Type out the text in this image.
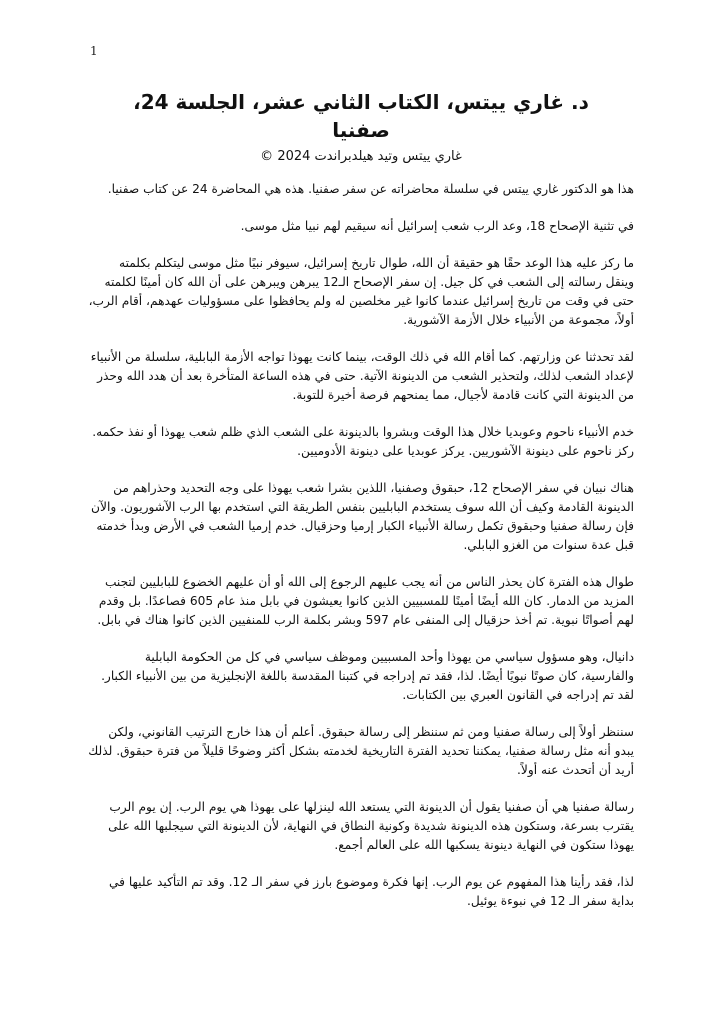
1
د. غاري ييتس، الكتاب الثاني عشر، الجلسة 24،
صفنيا
غاري ييتس وتيد هيلدبراندت 2024 ©

هذا هو الدكتور غاري ييتس في سلسلة محاضراته عن سفر صفنيا. هذه هي المحاضرة 24 عن كتاب صفنيا.

في تثنية الإصحاح 18، وعد الرب شعب إسرائيل أنه سيقيم لهم نبيا مثل موسى.

ما ركز عليه هذا الوعد حقًا هو حقيقة أن الله، طوال تاريخ إسرائيل، سيوفر نبيًا مثل موسى ليتكلم بكلمته وينقل رسالته إلى الشعب في كل جيل. إن سفر الإصحاح الـ12 يبرهن ويبرهن على أن الله كان أمينًا لكلمته حتى في وقت من تاريخ إسرائيل عندما كانوا غير مخلصين له ولم يحافظوا على مسؤوليات عهدهم، أقام الرب، أولاً، مجموعة من الأنبياء خلال الأزمة الآشورية.

لقد تحدثنا عن وزارتهم. كما أقام الله في ذلك الوقت، بينما كانت يهوذا تواجه الأزمة البابلية، سلسلة من الأنبياء لإعداد الشعب لذلك، ولتحذير الشعب من الدينونة الآتية. حتى في هذه الساعة المتأخرة بعد أن هدد الله وحذر من الدينونة التي كانت قادمة لأجيال، مما يمنحهم فرصة أخيرة للتوبة.

خدم الأنبياء ناحوم وعوبديا خلال هذا الوقت وبشروا بالدينونة على الشعب الذي ظلم شعب يهوذا أو نفذ حكمه. ركز ناحوم على دينونة الآشوريين. يركز عوبديا على دينونة الأدوميين.

هناك نبيان في سفر الإصحاح 12، حبقوق وصفنيا، اللذين بشرا شعب يهوذا على وجه التحديد وحذراهم من الدينونة القادمة وكيف أن الله سوف يستخدم البابليين بنفس الطريقة التي استخدم بها الرب الآشوريون. والآن فإن رسالة صفنيا وحبقوق تكمل رسالة الأنبياء الكبار إرميا وحزقيال. خدم إرميا الشعب في الأرض وبدأ خدمته قبل عدة سنوات من الغزو البابلي.

طوال هذه الفترة كان يحذر الناس من أنه يجب عليهم الرجوع إلى الله أو أن عليهم الخضوع للبابليين لتجنب المزيد من الدمار. كان الله أيضًا أمينًا للمسبيين الذين كانوا يعيشون في بابل منذ عام 605 فصاعدًا. بل وقدم لهم أصواتًا نبوية. تم أخذ حزقيال إلى المنفى عام 597 وبشر بكلمة الرب للمنفيين الذين كانوا هناك في بابل.

دانيال، وهو مسؤول سياسي من يهوذا وأحد المسبيين وموظف سياسي في كل من الحكومة البابلية والفارسية، كان صوتًا نبويًا أيضًا. لذا، فقد تم إدراجه في كتبنا المقدسة باللغة الإنجليزية من بين الأنبياء الكبار. لقد تم إدراجه في القانون العبري بين الكتابات.

سننظر أولاً إلى رسالة صفنيا ومن ثم سننظر إلى رسالة حبقوق. أعلم أن هذا خارج الترتيب القانوني، ولكن يبدو أنه مثل رسالة صفنيا، يمكننا تحديد الفترة التاريخية لخدمته بشكل أكثر وضوحًا قليلاً من فترة حبقوق. لذلك أريد أن أتحدث عنه أولاً.

رسالة صفنيا هي أن صفنيا يقول أن الدينونة التي يستعد الله لينزلها على يهوذا هي يوم الرب. إن يوم الرب يقترب بسرعة، وستكون هذه الدينونة شديدة وكونية النطاق في النهاية، لأن الدينونة التي سيجلبها الله على يهوذا ستكون في النهاية دينونة يسكبها الله على العالم أجمع.

لذا، فقد رأينا هذا المفهوم عن يوم الرب. إنها فكرة وموضوع بارز في سفر الـ 12. وقد تم التأكيد عليها في بداية سفر الـ 12 في نبوءة يوئيل.
